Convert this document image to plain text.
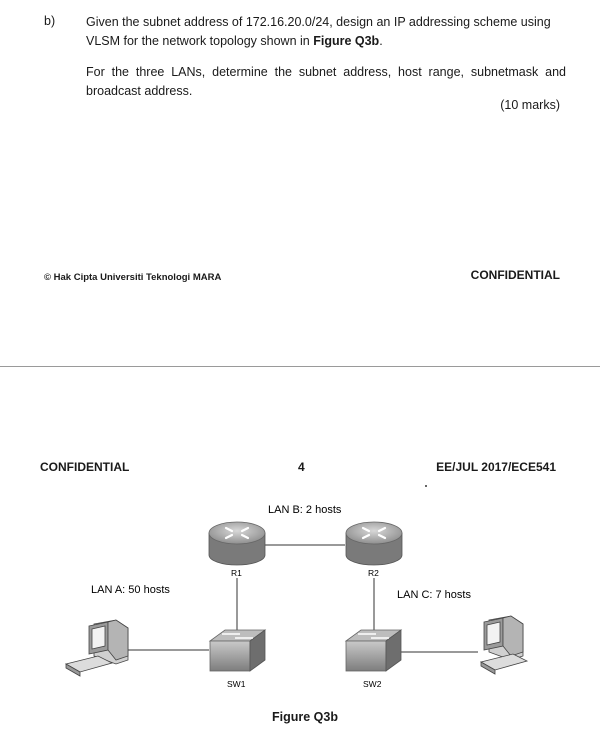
b) Given the subnet address of 172.16.20.0/24, design an IP addressing scheme using VLSM for the network topology shown in Figure Q3b.
For the three LANs, determine the subnet address, host range, subnetmask and broadcast address.
(10 marks)
© Hak Cipta Universiti Teknologi MARA	CONFIDENTIAL
CONFIDENTIAL	4	EE/JUL 2017/ECE541
LAN B: 2 hosts
LAN A: 50 hosts	LAN C: 7 hosts
R1	R2
SW1	SW2
Figure Q3b
